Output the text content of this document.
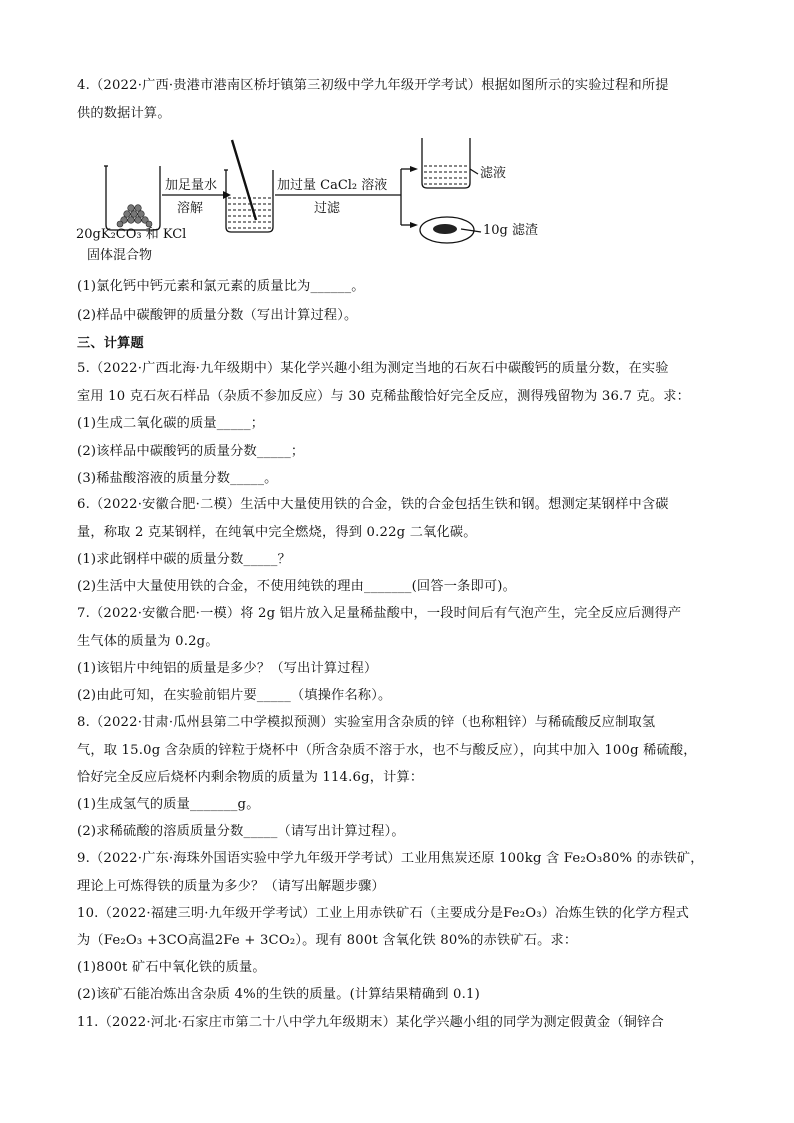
4.（2022·广西·贵港市港南区桥圩镇第三初级中学九年级开学考试）根据如图所示的实验过程和所提
供的数据计算。
加足量水
溶解
加过量 CaCl₂ 溶液
过滤
滤液
10g 滤渣
20gK₂CO₃ 和 KCl
固体混合物
(1)氯化钙中钙元素和氯元素的质量比为______。
(2)样品中碳酸钾的质量分数（写出计算过程）。
三、计算题
5.（2022·广西北海·九年级期中）某化学兴趣小组为测定当地的石灰石中碳酸钙的质量分数，在实验
室用 10 克石灰石样品（杂质不参加反应）与 30 克稀盐酸恰好完全反应，测得残留物为 36.7 克。求：
(1)生成二氧化碳的质量_____；
(2)该样品中碳酸钙的质量分数_____；
(3)稀盐酸溶液的质量分数_____。
6.（2022·安徽合肥·二模）生活中大量使用铁的合金，铁的合金包括生铁和钢。想测定某钢样中含碳
量，称取 2 克某钢样，在纯氧中完全燃烧，得到 0.22g 二氧化碳。
(1)求此钢样中碳的质量分数_____？
(2)生活中大量使用铁的合金，不使用纯铁的理由_______(回答一条即可)。
7.（2022·安徽合肥·一模）将 2g 铝片放入足量稀盐酸中，一段时间后有气泡产生，完全反应后测得产
生气体的质量为 0.2g。
(1)该铝片中纯铝的质量是多少？（写出计算过程）
(2)由此可知，在实验前铝片要_____（填操作名称）。
8.（2022·甘肃·瓜州县第二中学模拟预测）实验室用含杂质的锌（也称粗锌）与稀硫酸反应制取氢
气，取 15.0g 含杂质的锌粒于烧杯中（所含杂质不溶于水，也不与酸反应），向其中加入 100g 稀硫酸，
恰好完全反应后烧杯内剩余物质的质量为 114.6g，计算：
(1)生成氢气的质量_______g。
(2)求稀硫酸的溶质质量分数_____（请写出计算过程）。
9.（2022·广东·海珠外国语实验中学九年级开学考试）工业用焦炭还原 100kg 含 Fe₂O₃80% 的赤铁矿，
理论上可炼得铁的质量为多少？（请写出解题步骤）
10.（2022·福建三明·九年级开学考试）工业上用赤铁矿石（主要成分是Fe₂O₃）冶炼生铁的化学方程式
为（Fe₂O₃ +3CO高温2Fe + 3CO₂）。现有 800t 含氧化铁 80%的赤铁矿石。求：
(1)800t 矿石中氧化铁的质量。
(2)该矿石能冶炼出含杂质 4%的生铁的质量。(计算结果精确到 0.1)
11.（2022·河北·石家庄市第二十八中学九年级期末）某化学兴趣小组的同学为测定假黄金（铜锌合
